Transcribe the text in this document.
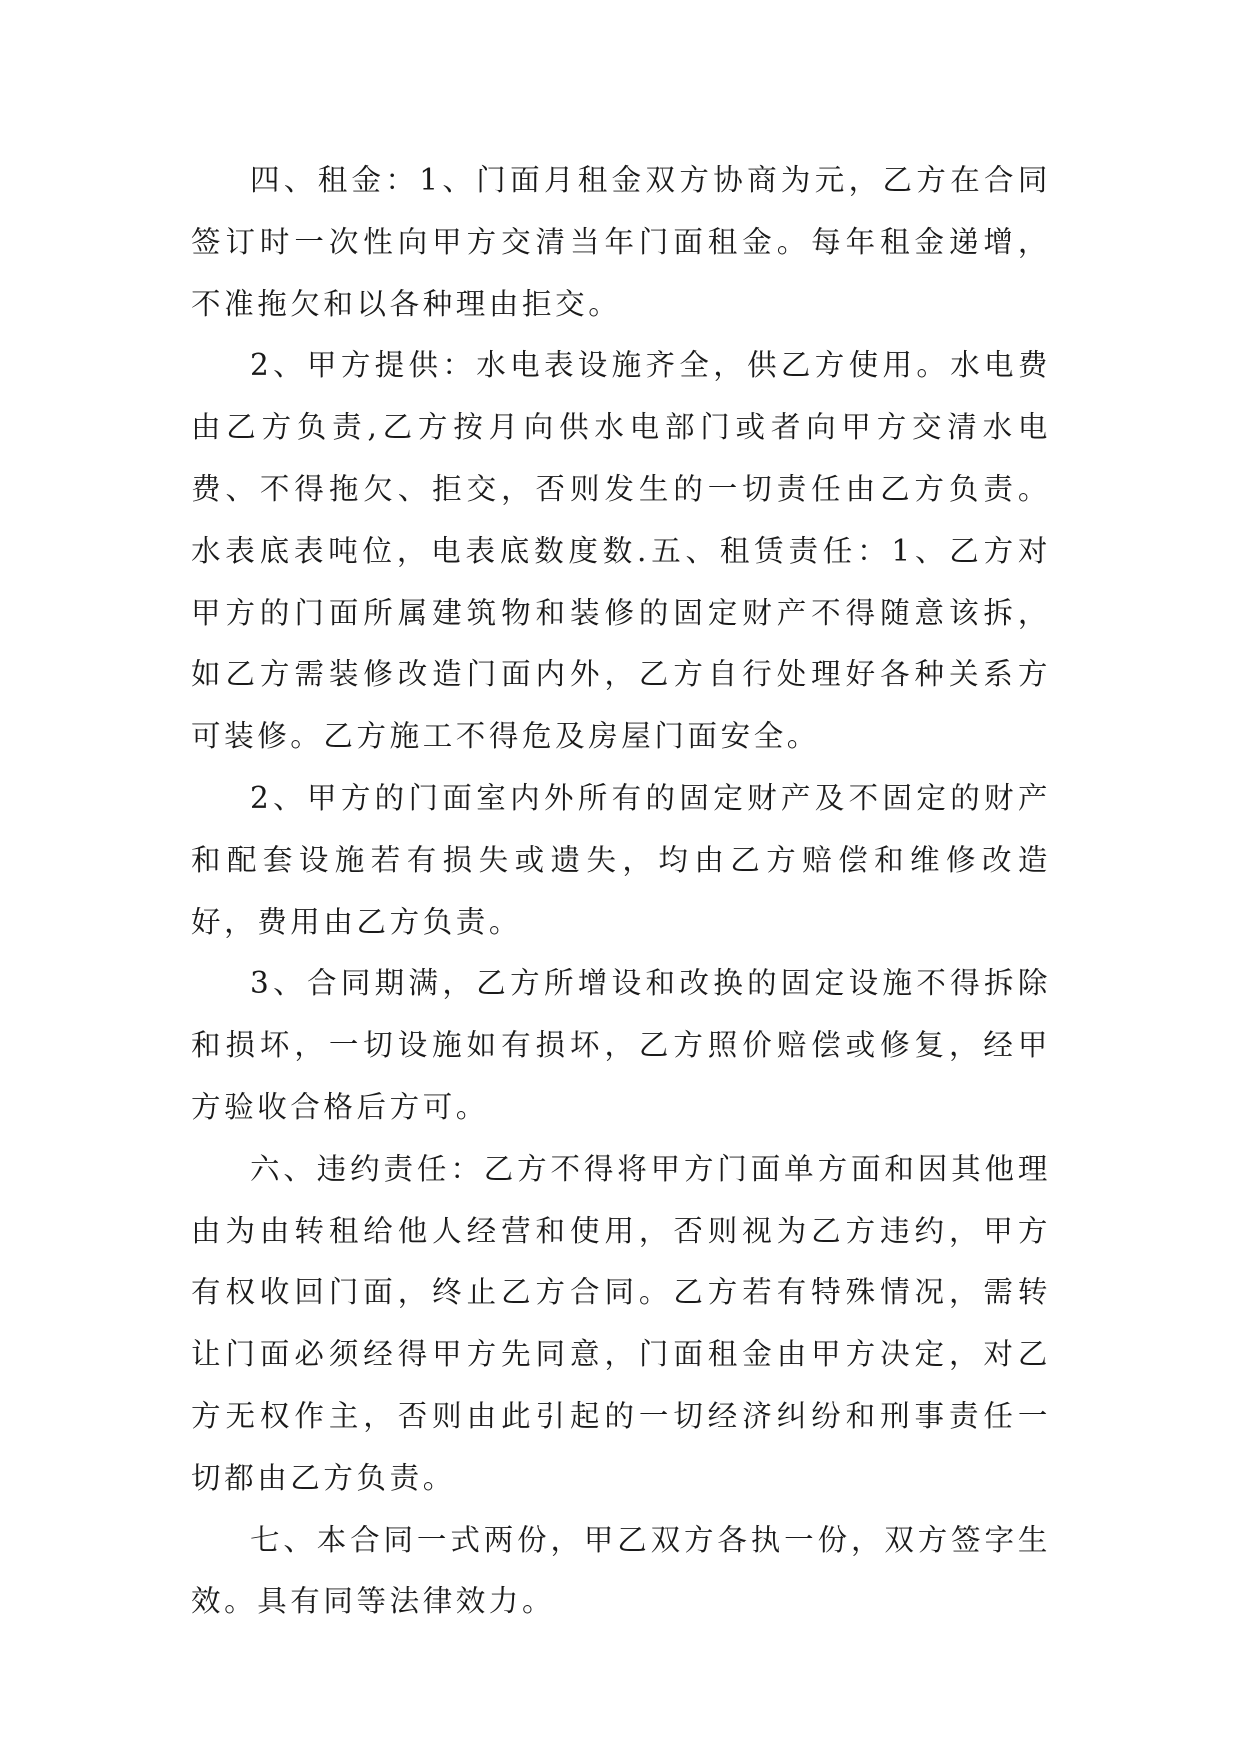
四、租金：1、门面月租金双方协商为元，乙方在合同签订时一次性向甲方交清当年门面租金。每年租金递增，不准拖欠和以各种理由拒交。

2、甲方提供：水电表设施齐全，供乙方使用。水电费由乙方负责,乙方按月向供水电部门或者向甲方交清水电费、不得拖欠、拒交，否则发生的一切责任由乙方负责。水表底表吨位，电表底数度数.五、租赁责任：1、乙方对甲方的门面所属建筑物和装修的固定财产不得随意该拆，如乙方需装修改造门面内外，乙方自行处理好各种关系方可装修。乙方施工不得危及房屋门面安全。

2、甲方的门面室内外所有的固定财产及不固定的财产和配套设施若有损失或遗失，均由乙方赔偿和维修改造好，费用由乙方负责。

3、合同期满，乙方所增设和改换的固定设施不得拆除和损坏，一切设施如有损坏，乙方照价赔偿或修复，经甲方验收合格后方可。

六、违约责任：乙方不得将甲方门面单方面和因其他理由为由转租给他人经营和使用，否则视为乙方违约，甲方有权收回门面，终止乙方合同。乙方若有特殊情况，需转让门面必须经得甲方先同意，门面租金由甲方决定，对乙方无权作主，否则由此引起的一切经济纠纷和刑事责任一切都由乙方负责。

七、本合同一式两份，甲乙双方各执一份，双方签字生效。具有同等法律效力。
